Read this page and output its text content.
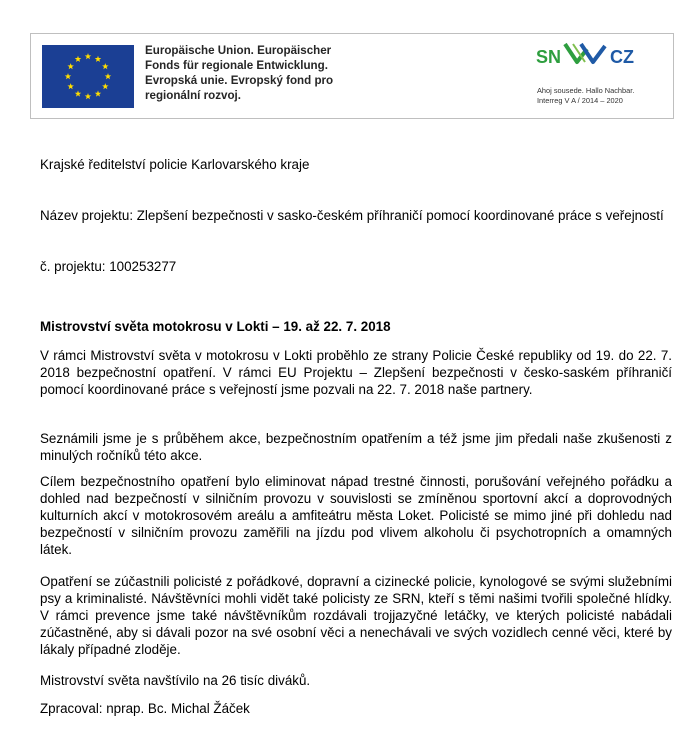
Europäische Union. Europäischer
Fonds für regionale Entwicklung.
Evropská unie. Evropský fond pro
regionální rozvoj.
SN	CZ
Ahoj sousede. Hallo Nachbar.
Interreg V A / 2014 – 2020

Krajské ředitelství policie Karlovarského kraje

Název projektu: Zlepšení bezpečnosti v sasko-českém příhraničí pomocí koordinované práce s veřejností

č. projektu: 100253277

Mistrovství světa motokrosu v Lokti – 19. až 22. 7. 2018

V rámci Mistrovství světa v motokrosu v Lokti proběhlo ze strany Policie České republiky od 19. do 22. 7. 2018 bezpečnostní opatření. V rámci EU Projektu – Zlepšení bezpečnosti v česko-saském příhraničí pomocí koordinované práce s veřejností jsme pozvali na 22. 7. 2018 naše partnery.

Seznámili jsme je s průběhem akce, bezpečnostním opatřením a též jsme jim předali naše zkušenosti z minulých ročníků této akce.

Cílem bezpečnostního opatření bylo eliminovat nápad trestné činnosti, porušování veřejného pořádku a dohled nad bezpečností v silničním provozu v souvislosti se zmíněnou sportovní akcí a doprovodných kulturních akcí v motokrosovém areálu a amfiteátru města Loket. Policisté se mimo jiné při dohledu nad bezpečností v silničním provozu zaměřili na jízdu pod vlivem alkoholu či psychotropních a omamných látek.

Opatření se zúčastnili policisté z pořádkové, dopravní a cizinecké policie, kynologové se svými služebními psy a kriminalisté. Návštěvníci mohli vidět také policisty ze SRN, kteří s těmi našimi tvořili společné hlídky. V rámci prevence jsme také návštěvníkům rozdávali trojjazyčné letáčky, ve kterých policisté nabádali zúčastněné, aby si dávali pozor na své osobní věci a nenechávali ve svých vozidlech cenné věci, které by lákaly případné zloděje.

Mistrovství světa navštívilo na 26 tisíc diváků.

Zpracoval: nprap. Bc. Michal Žáček
